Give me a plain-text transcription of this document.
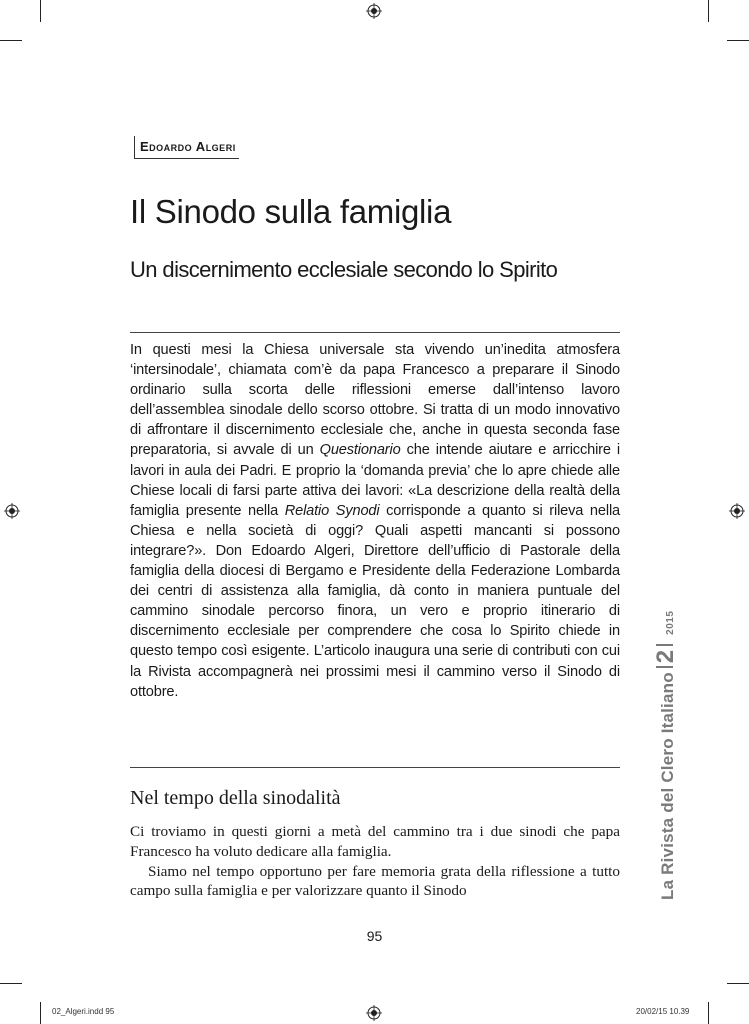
Edoardo Algeri
Il Sinodo sulla famiglia
Un discernimento ecclesiale secondo lo Spirito

In questi mesi la Chiesa universale sta vivendo un’inedita atmosfera ‘intersinodale’, chiamata com’è da papa Francesco a preparare il Sinodo ordinario sulla scorta delle riflessioni emerse dall’intenso lavoro dell’assemblea sinodale dello scorso ottobre. Si tratta di un modo innovativo di affrontare il discernimento ecclesiale che, anche in questa seconda fase preparatoria, si avvale di un Questionario che intende aiutare e arricchire i lavori in aula dei Padri. E proprio la ‘domanda previa’ che lo apre chiede alle Chiese locali di farsi parte attiva dei lavori: «La descrizione della realtà della famiglia presente nella Relatio Synodi corrisponde a quanto si rileva nella Chiesa e nella società di oggi? Quali aspetti mancanti si possono integrare?». Don Edoardo Algeri, Direttore dell’ufficio di Pastorale della famiglia della diocesi di Bergamo e Presidente della Federazione Lombarda dei centri di assistenza alla famiglia, dà conto in maniera puntuale del cammino sinodale percorso finora, un vero e proprio itinerario di discernimento ecclesiale per comprendere che cosa lo Spirito chiede in questo tempo così esigente. L’articolo inaugura una serie di contributi con cui la Rivista accompagnerà nei prossimi mesi il cammino verso il Sinodo di ottobre.

Nel tempo della sinodalità

Ci troviamo in questi giorni a metà del cammino tra i due sinodi che papa Francesco ha voluto dedicare alla famiglia.

Siamo nel tempo opportuno per fare memoria grata della riflessione a tutto campo sulla famiglia e per valorizzare quanto il Sinodo	La Rivista del Clero Italiano
2
2015
95
02_Algeri.indd 95	20/02/15 10.39
